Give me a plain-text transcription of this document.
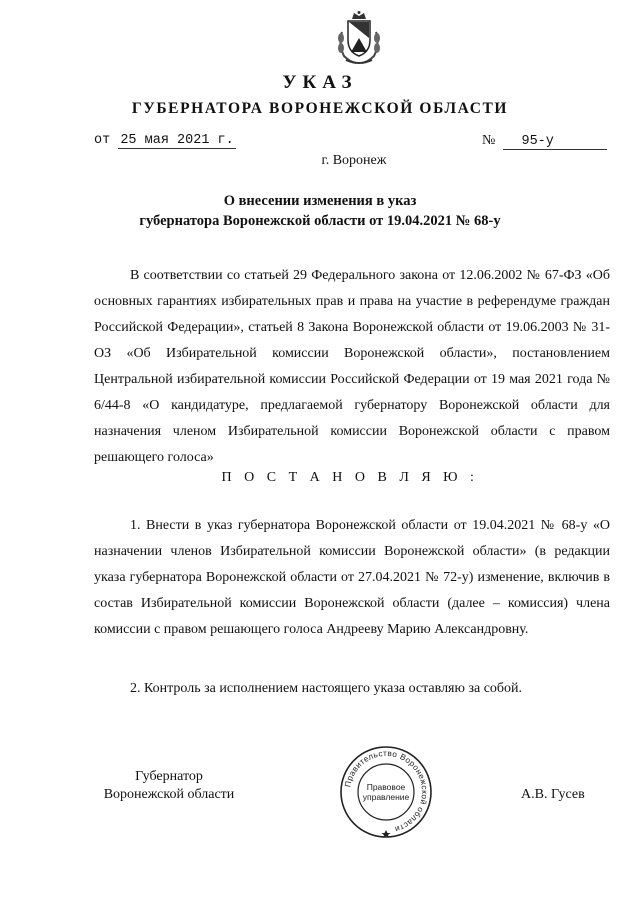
УКАЗ
ГУБЕРНАТОРА ВОРОНЕЖСКОЙ ОБЛАСТИ
от 25 мая 2021 г.	№ 95-у
г. Воронеж
О внесении изменения в указ
губернатора Воронежской области от 19.04.2021 № 68-у
В соответствии со статьей 29 Федерального закона от 12.06.2002 № 67-ФЗ «Об основных гарантиях избирательных прав и права на участие в референдуме граждан Российской Федерации», статьей 8 Закона Воронежской области от 19.06.2003 № 31-ОЗ «Об Избирательной комиссии Воронежской области», постановлением Центральной избирательной комиссии Российской Федерации от 19 мая 2021 года № 6/44-8 «О кандидатуре, предлагаемой губернатору Воронежской области для назначения членом Избирательной комиссии Воронежской области с правом решающего голоса»
П О С Т А Н О В Л Я Ю :
1. Внести в указ губернатора Воронежской области от 19.04.2021 № 68-у «О назначении членов Избирательной комиссии Воронежской области» (в редакции указа губернатора Воронежской области от 27.04.2021 № 72-у) изменение, включив в состав Избирательной комиссии Воронежской области (далее – комиссия) члена комиссии с правом решающего голоса Андрееву Марию Александровну.
2. Контроль за исполнением настоящего указа оставляю за собой.
Губернатор
Воронежской области
Правительство Воронежской области
Правовое
управление	А.В. Гусев
